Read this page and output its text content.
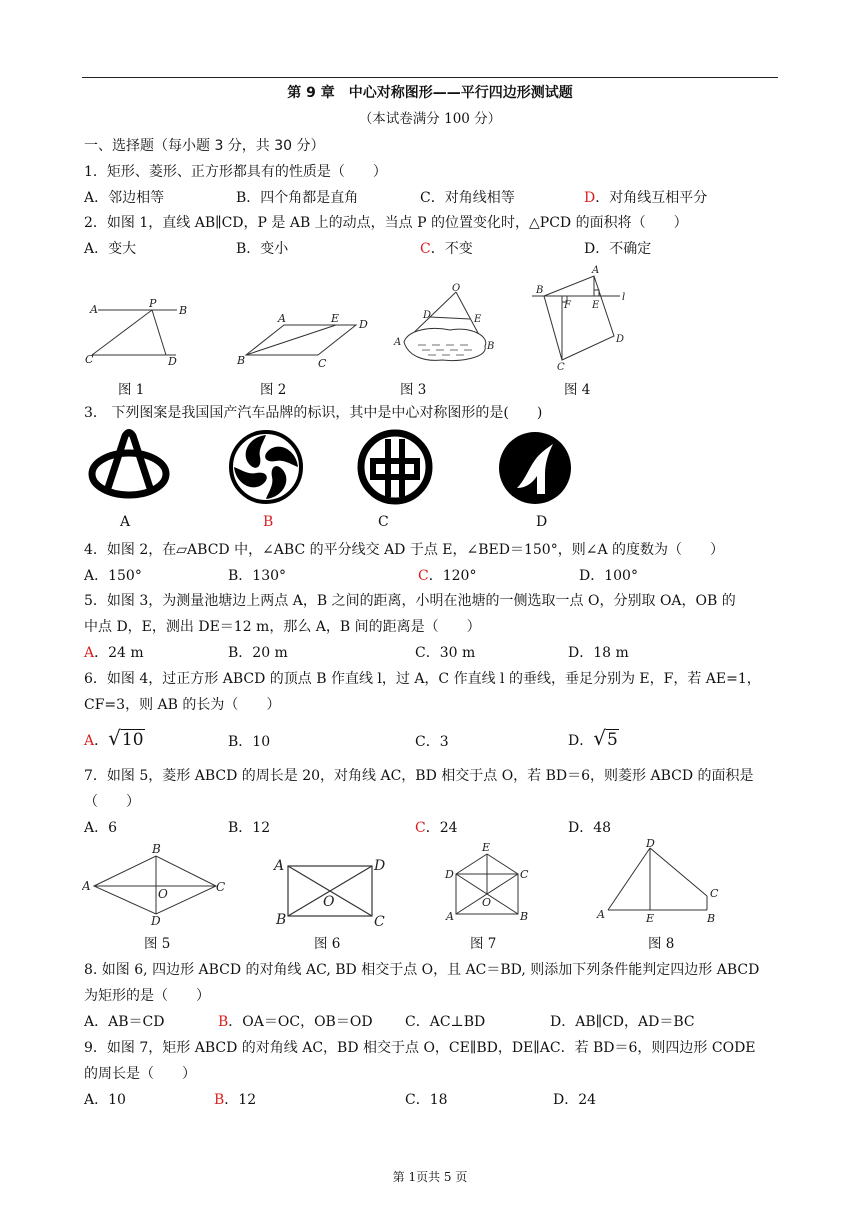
第 9 章　中心对称图形——平行四边形测试题
（本试卷满分 100 分）
一、选择题（每小题 3 分，共 30 分）
1．矩形、菱形、正方形都具有的性质是（　　）
A．邻边相等	B．四个角都是直角	C．对角线相等	D．对角线互相平分
2．如图 1，直线 AB∥CD，P 是 AB 上的动点，当点 P 的位置变化时，△PCD 的面积将（　　）
A．变大	B．变小	C．不变	D．不确定
A	P
B
C	D
A	E D
B	C
O
D	E
A	B
B
A
F E
l
D
C
图 1	图 2	图 3	图 4
3． 下列图案是我国国产汽车品牌的标识，其中是中心对称图形的是(　　)
A	B	C	D
4．如图 2，在▱ABCD 中，∠ABC 的平分线交 AD 于点 E，∠BED＝150°，则∠A 的度数为（　　）
A．150°	B．130°	C．120°	D．100°
5．如图 3，为测量池塘边上两点 A，B 之间的距离，小明在池塘的一侧选取一点 O，分别取 OA，OB 的
中点 D，E，测出 DE＝12 m，那么 A，B 间的距离是（　　）
A．24 m	B．20 m	C．30 m	D．18 m
6．如图 4，过正方形 ABCD 的顶点 B 作直线 l，过 A，C 作直线 l 的垂线，垂足分别为 E，F，若 AE=1，
CF=3，则 AB 的长为（　　）
A．√10	B．10	C．3	D．√5
7．如图 5，菱形 ABCD 的周长是 20，对角线 AC，BD 相交于点 O，若 BD＝6，则菱形 ABCD 的面积是
（　　）
A．6	B．12	C．24	D．48
A
B
C
D
O
A	D
B	C
O
E
D	C
A	B
O
D
C
A	E	B
图 5	图 6	图 7	图 8
8. 如图 6, 四边形 ABCD 的对角线 AC, BD 相交于点 O，且 AC＝BD, 则添加下列条件能判定四边形 ABCD
为矩形的是（　　）
A．AB＝CD	B．OA＝OC，OB＝OD C．AC⊥BD	D．AB∥CD，AD＝BC
9．如图 7，矩形 ABCD 的对角线 AC，BD 相交于点 O，CE∥BD，DE∥AC．若 BD＝6，则四边形 CODE
的周长是（　　）
A．10	B．12	C．18	D．24
第 1页共 5 页
